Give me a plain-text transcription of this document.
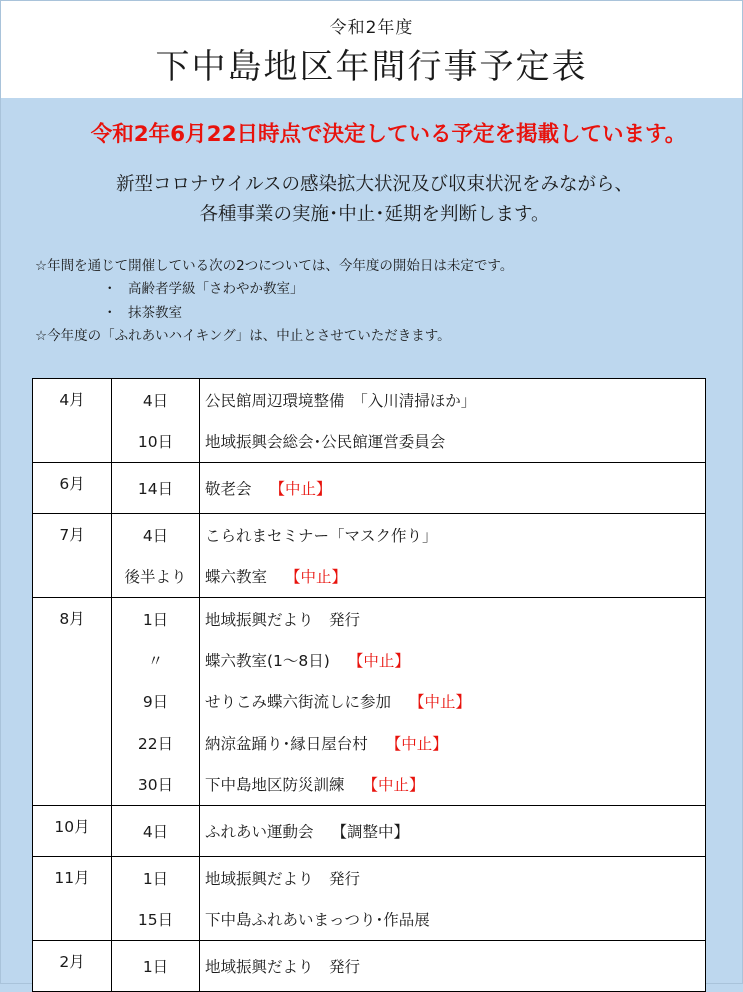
令和2年度
下中島地区年間行事予定表
令和2年6月22日時点で決定している予定を掲載しています。
新型コロナウイルスの感染拡大状況及び収束状況をみながら、
各種事業の実施･中止･延期を判断します。
☆年間を通じて開催している次の2つについては、今年度の開始日は未定です。
・ 高齢者学級「さわやか教室」
・ 抹茶教室
☆今年度の「ふれあいハイキング」は、中止とさせていただきます。
4月	4日	公民館周辺環境整備　「入川清掃ほか」
	10日	地域振興会総会･公民館運営委員会
6月	14日	敬老会 【中止】
7月	4日	こられまセミナー「マスク作り」
	後半より	蝶六教室 【中止】
8月	1日	地域振興だより　発行
	〃	蝶六教室(1～8日) 【中止】
	9日	せりこみ蝶六街流しに参加 【中止】
	22日	納涼盆踊り･縁日屋台村 【中止】
	30日	下中島地区防災訓練 【中止】
10月	4日	ふれあい運動会 【調整中】
11月	1日	地域振興だより　発行
	15日	下中島ふれあいまっつり･作品展
2月	1日	地域振興だより　発行
